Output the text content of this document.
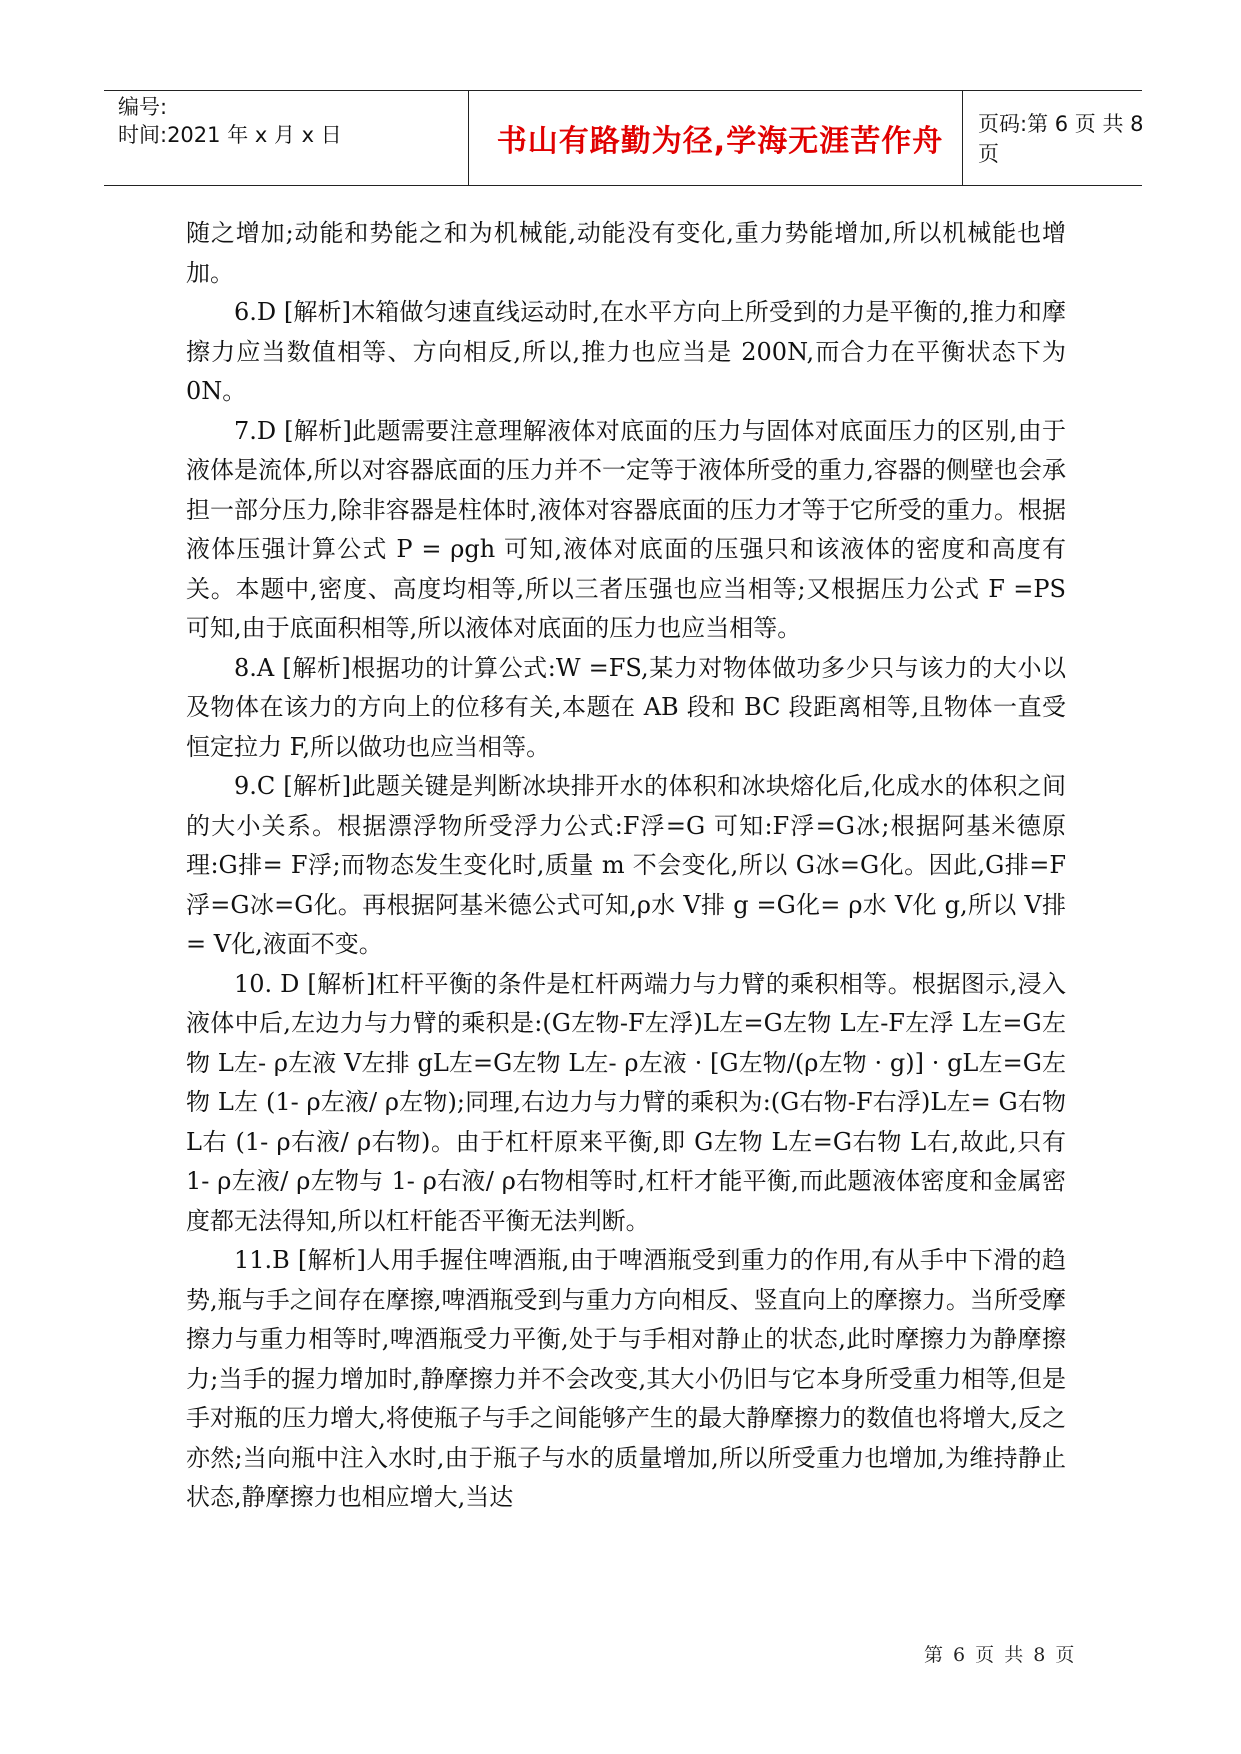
编号:
时间:2021 年 x 月 x 日	书山有路勤为径,学海无涯苦作舟 页码:第 6 页 共 8 页

随之增加;动能和势能之和为机械能,动能没有变化,重力势能增加,所以机械能也增加。

6.D [解析]木箱做匀速直线运动时,在水平方向上所受到的力是平衡的,推力和摩擦力应当数值相等、方向相反,所以,推力也应当是 200N,而合力在平衡状态下为 0N。

7.D [解析]此题需要注意理解液体对底面的压力与固体对底面压力的区别,由于液体是流体,所以对容器底面的压力并不一定等于液体所受的重力,容器的侧壁也会承担一部分压力,除非容器是柱体时,液体对容器底面的压力才等于它所受的重力。根据液体压强计算公式 P = ρgh 可知,液体对底面的压强只和该液体的密度和高度有关。本题中,密度、高度均相等,所以三者压强也应当相等;又根据压力公式 F =PS 可知,由于底面积相等,所以液体对底面的压力也应当相等。

8.A [解析]根据功的计算公式:W =FS,某力对物体做功多少只与该力的大小以及物体在该力的方向上的位移有关,本题在 AB 段和 BC 段距离相等,且物体一直受恒定拉力 F,所以做功也应当相等。

9.C [解析]此题关键是判断冰块排开水的体积和冰块熔化后,化成水的体积之间的大小关系。根据漂浮物所受浮力公式:F浮=G 可知:F浮=G冰;根据阿基米德原理:G排= F浮;而物态发生变化时,质量 m 不会变化,所以 G冰=G化。因此,G排=F浮=G冰=G化。再根据阿基米德公式可知,ρ水 V排 g =G化= ρ水 V化 g,所以 V排= V化,液面不变。

10. D [解析]杠杆平衡的条件是杠杆两端力与力臂的乘积相等。根据图示,浸入液体中后,左边力与力臂的乘积是:(G左物-F左浮)L左=G左物 L左-F左浮 L左=G左物 L左- ρ左液 V左排 gL左=G左物 L左- ρ左液 · [G左物/(ρ左物 · g)] · gL左=G左物 L左 (1- ρ左液/ ρ左物);同理,右边力与力臂的乘积为:(G右物-F右浮)L左= G右物 L右 (1- ρ右液/ ρ右物)。由于杠杆原来平衡,即 G左物 L左=G右物 L右,故此,只有 1- ρ左液/ ρ左物与 1- ρ右液/ ρ右物相等时,杠杆才能平衡,而此题液体密度和金属密度都无法得知,所以杠杆能否平衡无法判断。

11.B [解析]人用手握住啤酒瓶,由于啤酒瓶受到重力的作用,有从手中下滑的趋势,瓶与手之间存在摩擦,啤酒瓶受到与重力方向相反、竖直向上的摩擦力。当所受摩擦力与重力相等时,啤酒瓶受力平衡,处于与手相对静止的状态,此时摩擦力为静摩擦力;当手的握力增加时,静摩擦力并不会改变,其大小仍旧与它本身所受重力相等,但是手对瓶的压力增大,将使瓶子与手之间能够产生的最大静摩擦力的数值也将增大,反之亦然;当向瓶中注入水时,由于瓶子与水的质量增加,所以所受重力也增加,为维持静止状态,静摩擦力也相应增大,当达

第 6 页 共 8 页
